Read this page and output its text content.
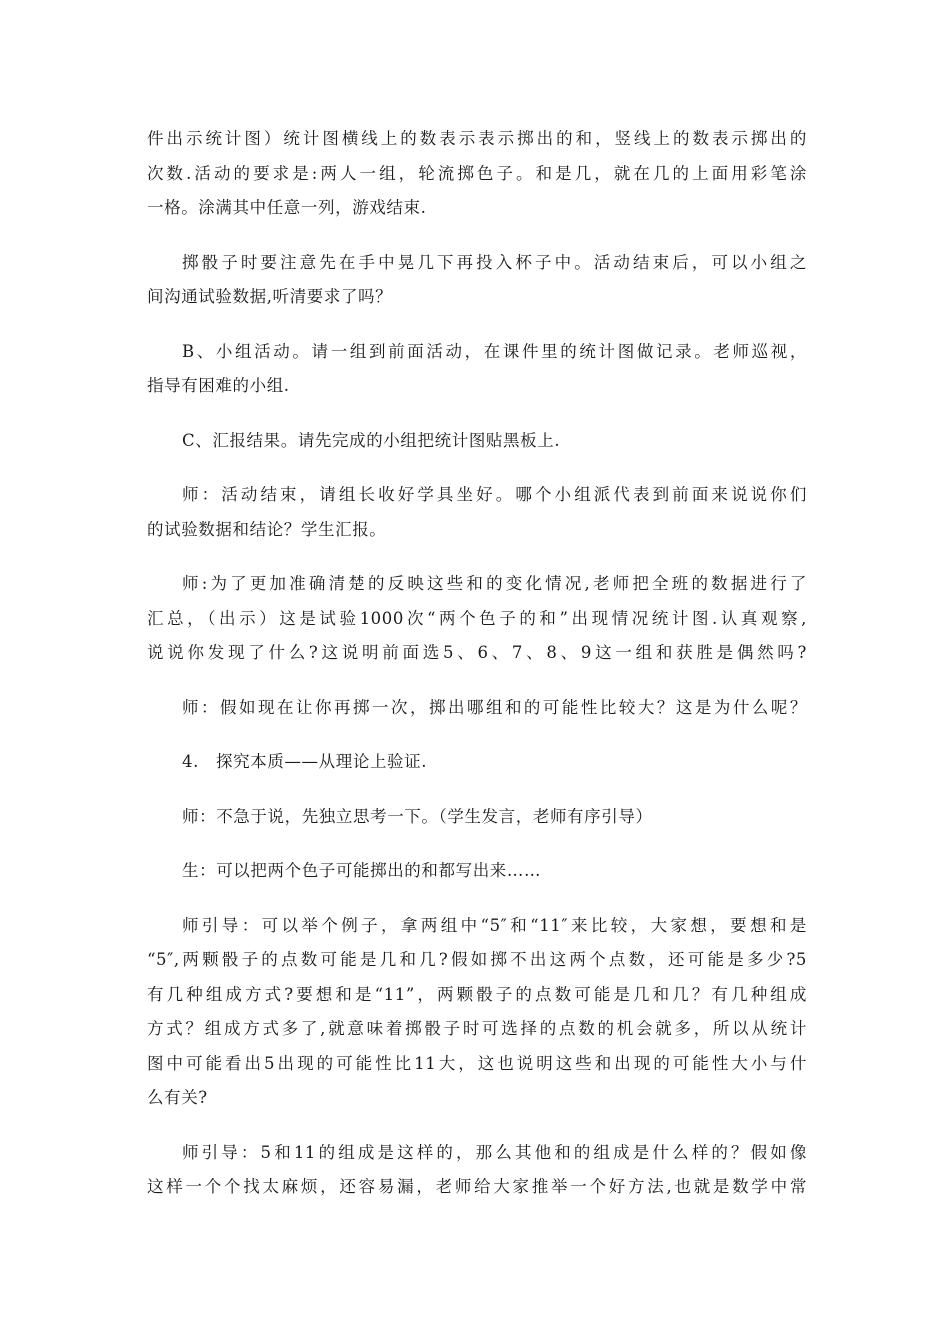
件出示统计图）统计图横线上的数表示表示掷出的和，竖线上的数表示掷出的
次数.活动的要求是:两人一组，轮流掷色子。和是几，就在几的上面用彩笔涂
一格。涂满其中任意一列，游戏结束.

掷骰子时要注意先在手中晃几下再投入杯子中。活动结束后，可以小组之
间沟通试验数据,听清要求了吗？

B、小组活动。请一组到前面活动，在课件里的统计图做记录。老师巡视，
指导有困难的小组.

C、汇报结果。请先完成的小组把统计图贴黑板上.

师：活动结束，请组长收好学具坐好。哪个小组派代表到前面来说说你们
的试验数据和结论？学生汇报。

师:为了更加准确清楚的反映这些和的变化情况,老师把全班的数据进行了
汇总，（出示）这是试验1000次“两个色子的和”出现情况统计图.认真观察,
说说你发现了什么?这说明前面选5、6、7、8、9这一组和获胜是偶然吗?

师：假如现在让你再掷一次，掷出哪组和的可能性比较大？这是为什么呢？

4.　探究本质——从理论上验证.

师：不急于说，先独立思考一下。（学生发言，老师有序引导）

生：可以把两个色子可能掷出的和都写出来……

师引导：可以举个例子，拿两组中“5″和“11″来比较，大家想，要想和是
“5″,两颗骰子的点数可能是几和几?假如掷不出这两个点数，还可能是多少?5
有几种组成方式?要想和是“11”，两颗骰子的点数可能是几和几？有几种组成
方式？组成方式多了,就意味着掷骰子时可选择的点数的机会就多，所以从统计
图中可能看出5出现的可能性比11大，这也说明这些和出现的可能性大小与什
么有关?

师引导：5和11的组成是这样的，那么其他和的组成是什么样的？假如像
这样一个个找太麻烦，还容易漏，老师给大家推举一个好方法,也就是数学中常
